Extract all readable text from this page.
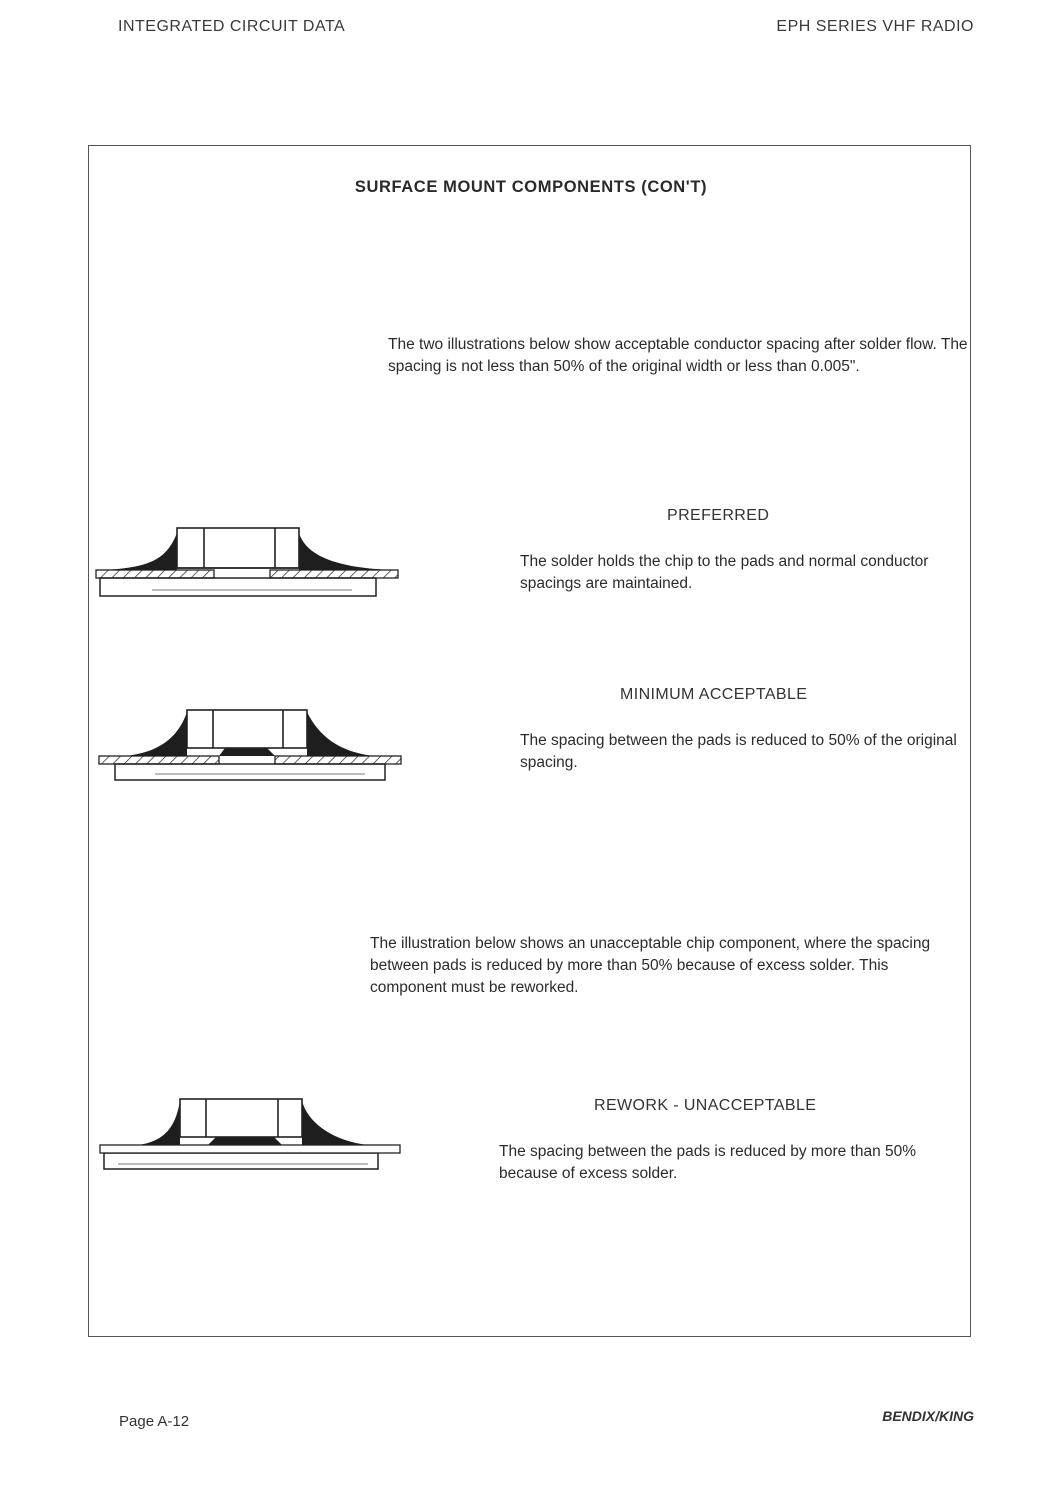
INTEGRATED CIRCUIT DATA	EPH SERIES VHF RADIO
SURFACE MOUNT COMPONENTS (CON'T)
The two illustrations below show acceptable conductor spacing after solder flow. The spacing is not less than 50% of the original width or less than 0.005".
PREFERRED
The solder holds the chip to the pads and normal conductor spacings are maintained.
MINIMUM ACCEPTABLE
The spacing between the pads is reduced to 50% of the original spacing.
The illustration below shows an unacceptable chip component, where the spacing between pads is reduced by more than 50% because of excess solder. This component must be reworked.
REWORK - UNACCEPTABLE
The spacing between the pads is reduced by more than 50% because of excess solder.
Page A-12	BENDIX/KING
